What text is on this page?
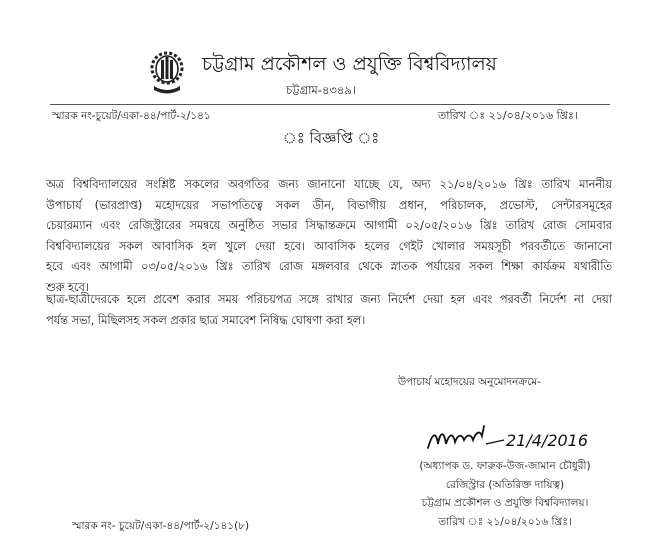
চট্টগ্রাম প্রকৌশল ও প্রযুক্তি বিশ্ববিদ্যালয়
চট্টগ্রাম-৪৩৪৯।
স্মারক নং-চুয়েট/একা-৪৪/পার্ট-২/১৪১	তারিখ ঃ ২১/০৪/২০১৬ খ্রিঃ।
ঃ বিজ্ঞপ্তি ঃ
অত্র বিশ্ববিদ্যালয়ের সংশ্লিষ্ট সকলের অবগতির জন্য জানানো যাচ্ছে যে, অদ্য ২১/০৪/২০১৬ খ্রিঃ তারিখ মাননীয়
উপাচার্য (ভারপ্রাপ্ত) মহোদয়ের সভাপতিত্বে সকল ডীন, বিভাগীয় প্রধান, পরিচালক, প্রভোস্ট, সেন্টারসমূহের
চেয়ারম্যান এবং রেজিস্ট্রারের সমন্বয়ে অনুষ্ঠিত সভার সিদ্ধান্তক্রমে আগামী ০২/০৫/২০১৬ খ্রিঃ তারিখ রোজ সোমবার
বিশ্ববিদ্যালয়ের সকল আবাসিক হল খুলে দেয়া হবে। আবাসিক হলের গেইট খোলার সময়সূচী পরবর্তীতে জানানো
হবে এবং আগামী ০৩/০৫/২০১৬ খ্রিঃ তারিখ রোজ মঙ্গলবার থেকে স্নাতক পর্যায়ের সকল শিক্ষা কার্যক্রম যথারীতি
শুরু হবে।
ছাত্র-ছাত্রীদেরকে হলে প্রবেশ করার সময় পরিচয়পত্র সঙ্গে রাখার জন্য নির্দেশ দেয়া হল এবং পরবর্তী নির্দেশ না দেয়া
পর্যন্ত সভা, মিছিলসহ সকল প্রকার ছাত্র সমাবেশ নিষিদ্ধ ঘোষণা করা হল।
উপাচার্য মহোদয়ের অনুমোদনক্রমে-
21/4/2016
(অধ্যাপক ড. ফারুক-উজ-জামান চৌধুরী)
রেজিস্ট্রার (অতিরিক্ত দায়িত্ব)
চট্টগ্রাম প্রকৌশল ও প্রযুক্তি বিশ্ববিদ্যালয়।
তারিখ ঃ ২১/০৪/২০১৬ খ্রিঃ।
স্মারক নং- চুয়েট/একা-৪৪/পার্ট-২/১৪১(৮)
